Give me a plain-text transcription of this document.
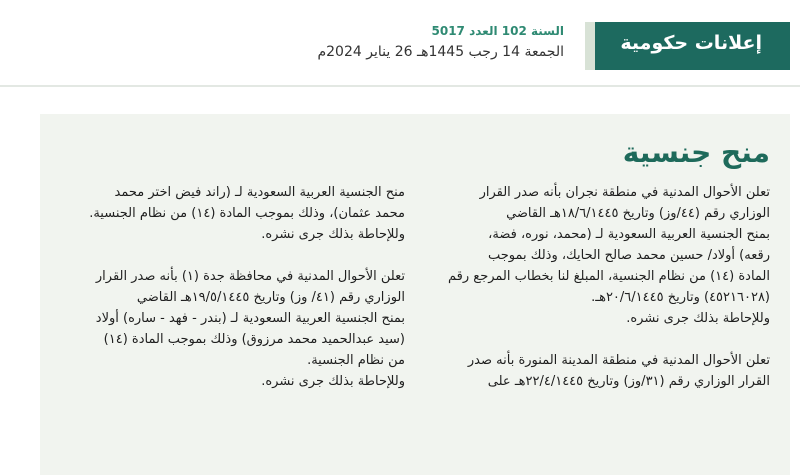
إعلانات حكومية
السنة 102 العدد 5017
الجمعة 14 رجب 1445هـ 26 يناير 2024م
منح جنسية

تعلن الأحوال المدنية في منطقة نجران بأنه صدر القرار

الوزاري رقم (٤٤/وز) وتاريخ ١٨/٦/١٤٤٥هـ القاضي

بمنح الجنسية العربية السعودية لـ (محمد، نوره، فضة،

رقعه) أولاد/ حسين محمد صالح الحايك، وذلك بموجب

المادة (١٤) من نظام الجنسية، المبلغ لنا بخطاب المرجع رقم

(٤٥٢١٦٠٢٨) وتاريخ ٢٠/٦/١٤٤٥هـ.

وللإحاطة بذلك جرى نشره.

تعلن الأحوال المدنية في منطقة المدينة المنورة بأنه صدر

القرار الوزاري رقم (٣١/وز) وتاريخ ٢٢/٤/١٤٤٥هـ على

منح الجنسية العربية السعودية لـ (راند فيض اختر محمد

محمد عثمان)، وذلك بموجب المادة (١٤) من نظام الجنسية.

وللإحاطة بذلك جرى نشره.

تعلن الأحوال المدنية في محافظة جدة (١) بأنه صدر القرار

الوزاري رقم (٤١/ وز) وتاريخ ١٩/٥/١٤٤٥هـ القاضي

بمنح الجنسية العربية السعودية لـ (بندر - فهد - ساره) أولاد

(سيد عبدالحميد محمد مرزوق) وذلك بموجب المادة (١٤)

من نظام الجنسية.

وللإحاطة بذلك جرى نشره.
